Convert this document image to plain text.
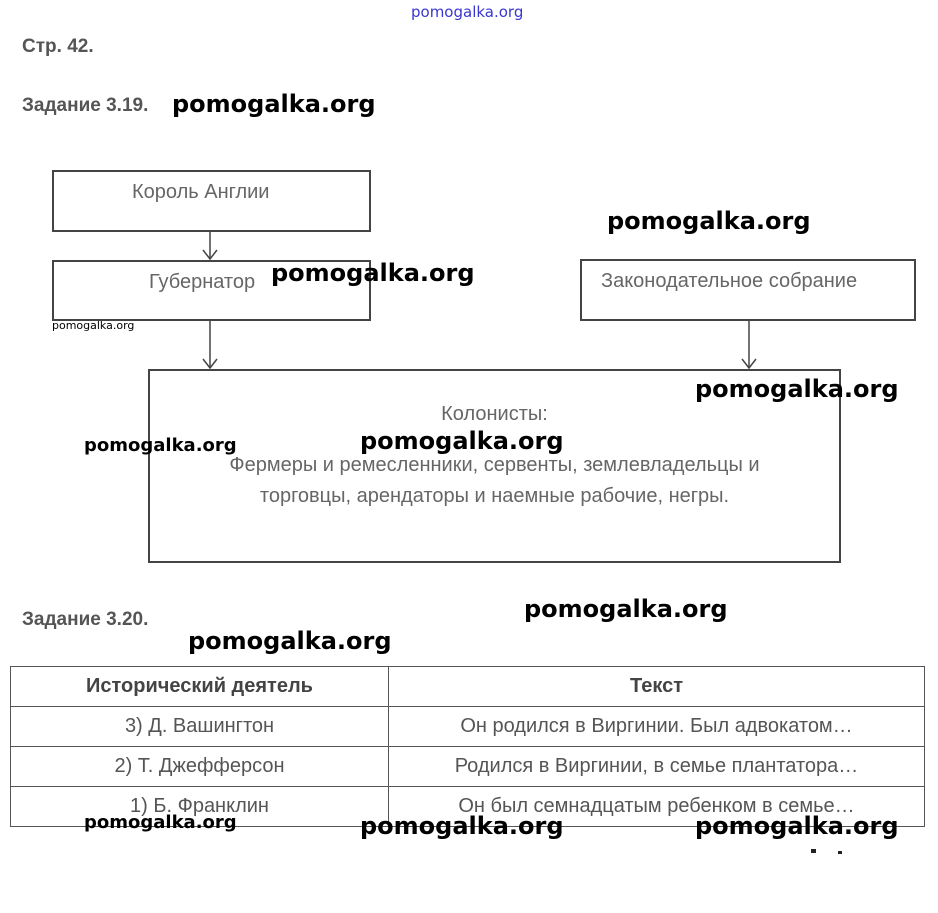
pomogalka.org
Стр. 42.
Задание 3.19. pomogalka.org
Король Англии
Губернатор	Законодательное собрание
Колонисты:
Фермеры и ремесленники, сервенты, землевладельцы и
торговцы, арендаторы и наемные рабочие, негры.
pomogalka.org
pomogalka.org
pomogalka.org
pomogalka.org
pomogalka.org
pomogalka.org
Задание 3.20.	pomogalka.org
pomogalka.org
Исторический деятель	Текст
3) Д. Вашингтон	Он родился в Виргинии. Был адвокатом…
2) Т. Джефферсон	Родился в Виргинии, в семье плантатора…
1) Б. Франклин	Он был семнадцатым ребенком в семье…
pomogalka.org	pomogalka.org	pomogalka.org
